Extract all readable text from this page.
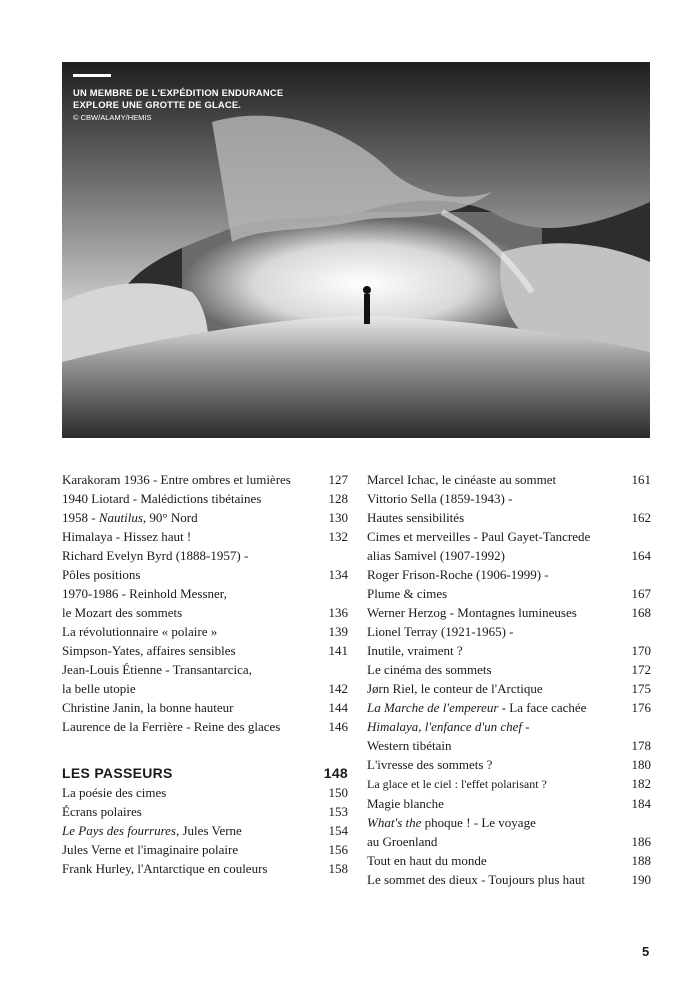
UN MEMBRE DE L'EXPÉDITION ENDURANCE
EXPLORE UNE GROTTE DE GLACE.
© CBW/ALAMY/HEMIS
Karakoram 1936 - Entre ombres et lumières	127
1940 Liotard - Malédictions tibétaines	128
1958 - Nautilus, 90° Nord	130
Himalaya - Hissez haut !	132
Richard Evelyn Byrd (1888-1957) -
Pôles positions	134
1970-1986 - Reinhold Messner,
le Mozart des sommets	136
La révolutionnaire « polaire »	139
Simpson-Yates, affaires sensibles	141
Jean-Louis Étienne - Transantarcica,
la belle utopie	142
Christine Janin, la bonne hauteur	144
Laurence de la Ferrière - Reine des glaces	146
LES PASSEURS	148
La poésie des cimes	150
Écrans polaires	153
Le Pays des fourrures, Jules Verne	154
Jules Verne et l'imaginaire polaire	156
Frank Hurley, l'Antarctique en couleurs	158
Marcel Ichac, le cinéaste au sommet	161
Vittorio Sella (1859-1943) -
Hautes sensibilités	162
Cimes et merveilles - Paul Gayet-Tancrede
alias Samivel (1907-1992)	164
Roger Frison-Roche (1906-1999) -
Plume & cimes	167
Werner Herzog - Montagnes lumineuses	168
Lionel Terray (1921-1965) -
Inutile, vraiment ?	170
Le cinéma des sommets	172
Jørn Riel, le conteur de l'Arctique	175
La Marche de l'empereur - La face cachée	176
Himalaya, l'enfance d'un chef -
Western tibétain	178
L'ivresse des sommets ?	180
La glace et le ciel : l'effet polarisant ?	182
Magie blanche	184
What's the phoque ! - Le voyage
au Groenland	186
Tout en haut du monde	188
Le sommet des dieux - Toujours plus haut	190
5
